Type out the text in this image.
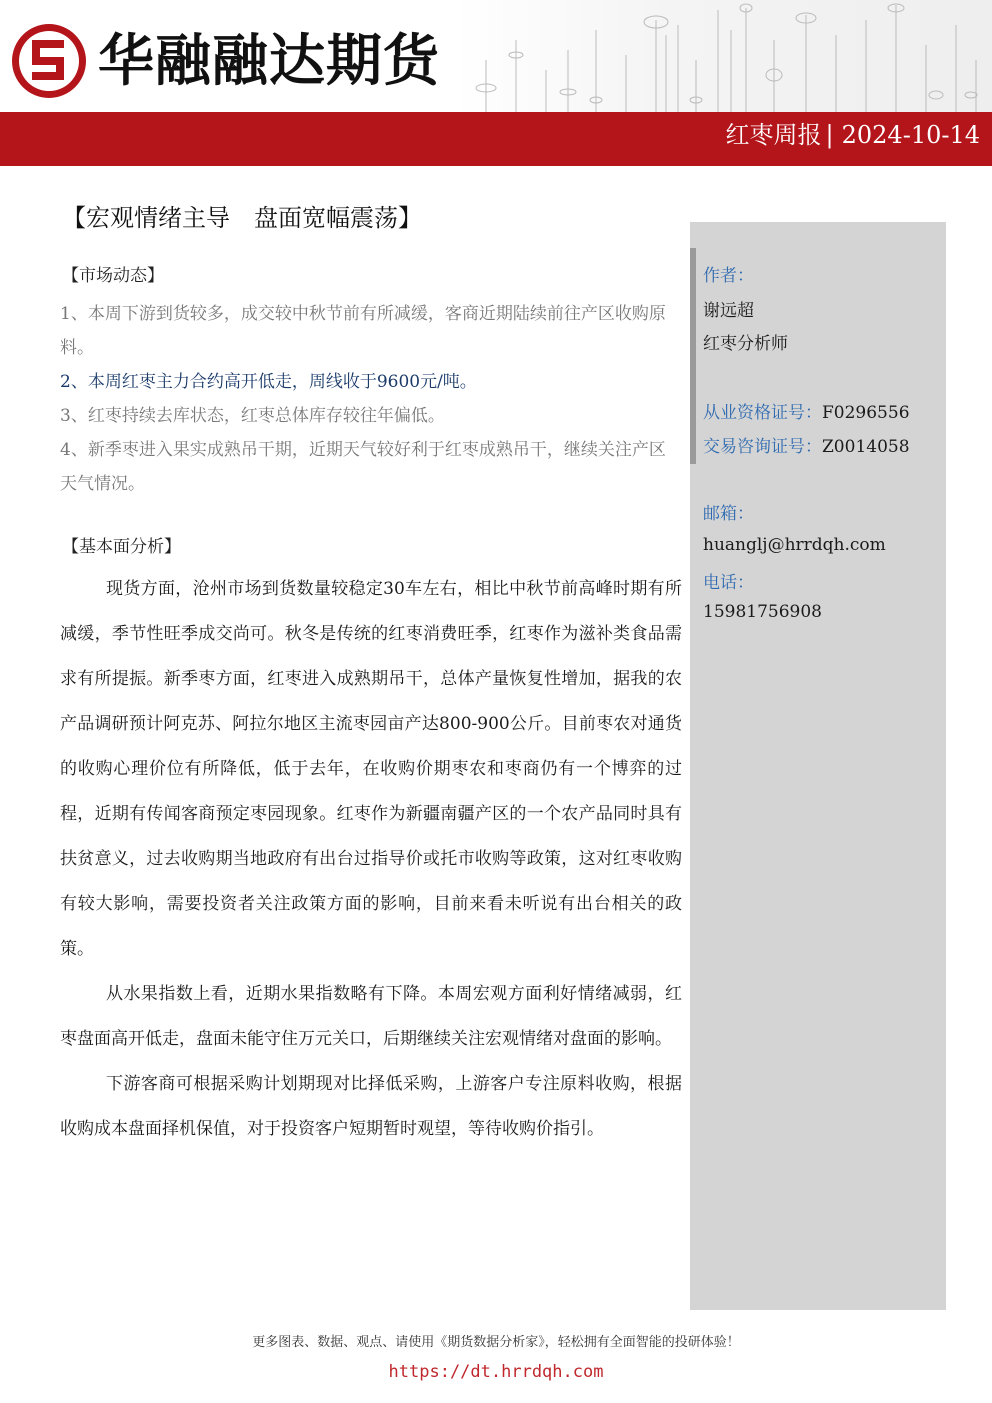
华融融达期货
红枣周报 | 2024-10-14
【宏观情绪主导　盘面宽幅震荡】
【市场动态】

1、本周下游到货较多，成交较中秋节前有所减缓，客商近期陆续前往产区收购原料。

2、本周红枣主力合约高开低走，周线收于9600元/吨。

3、红枣持续去库状态，红枣总体库存较往年偏低。

4、新季枣进入果实成熟吊干期，近期天气较好利于红枣成熟吊干，继续关注产区天气情况。

【基本面分析】

现货方面，沧州市场到货数量较稳定30车左右，相比中秋节前高峰时期有所减缓，季节性旺季成交尚可。秋冬是传统的红枣消费旺季，红枣作为滋补类食品需求有所提振。新季枣方面，红枣进入成熟期吊干，总体产量恢复性增加，据我的农产品调研预计阿克苏、阿拉尔地区主流枣园亩产达800-900公斤。目前枣农对通货的收购心理价位有所降低，低于去年，在收购价期枣农和枣商仍有一个博弈的过程，近期有传闻客商预定枣园现象。红枣作为新疆南疆产区的一个农产品同时具有扶贫意义，过去收购期当地政府有出台过指导价或托市收购等政策，这对红枣收购有较大影响，需要投资者关注政策方面的影响，目前来看未听说有出台相关的政策。

从水果指数上看，近期水果指数略有下降。本周宏观方面利好情绪减弱，红枣盘面高开低走，盘面未能守住万元关口，后期继续关注宏观情绪对盘面的影响。

下游客商可根据采购计划期现对比择低采购，上游客户专注原料收购，根据收购成本盘面择机保值，对于投资客户短期暂时观望，等待收购价指引。

作者：
谢远超
红枣分析师
从业资格证号：F0296556
交易咨询证号：Z0014058
邮箱：
huanglj@hrrdqh.com
电话：
15981756908
更多图表、数据、观点、请使用《期货数据分析家》，轻松拥有全面智能的投研体验！
https://dt.hrrdqh.com
